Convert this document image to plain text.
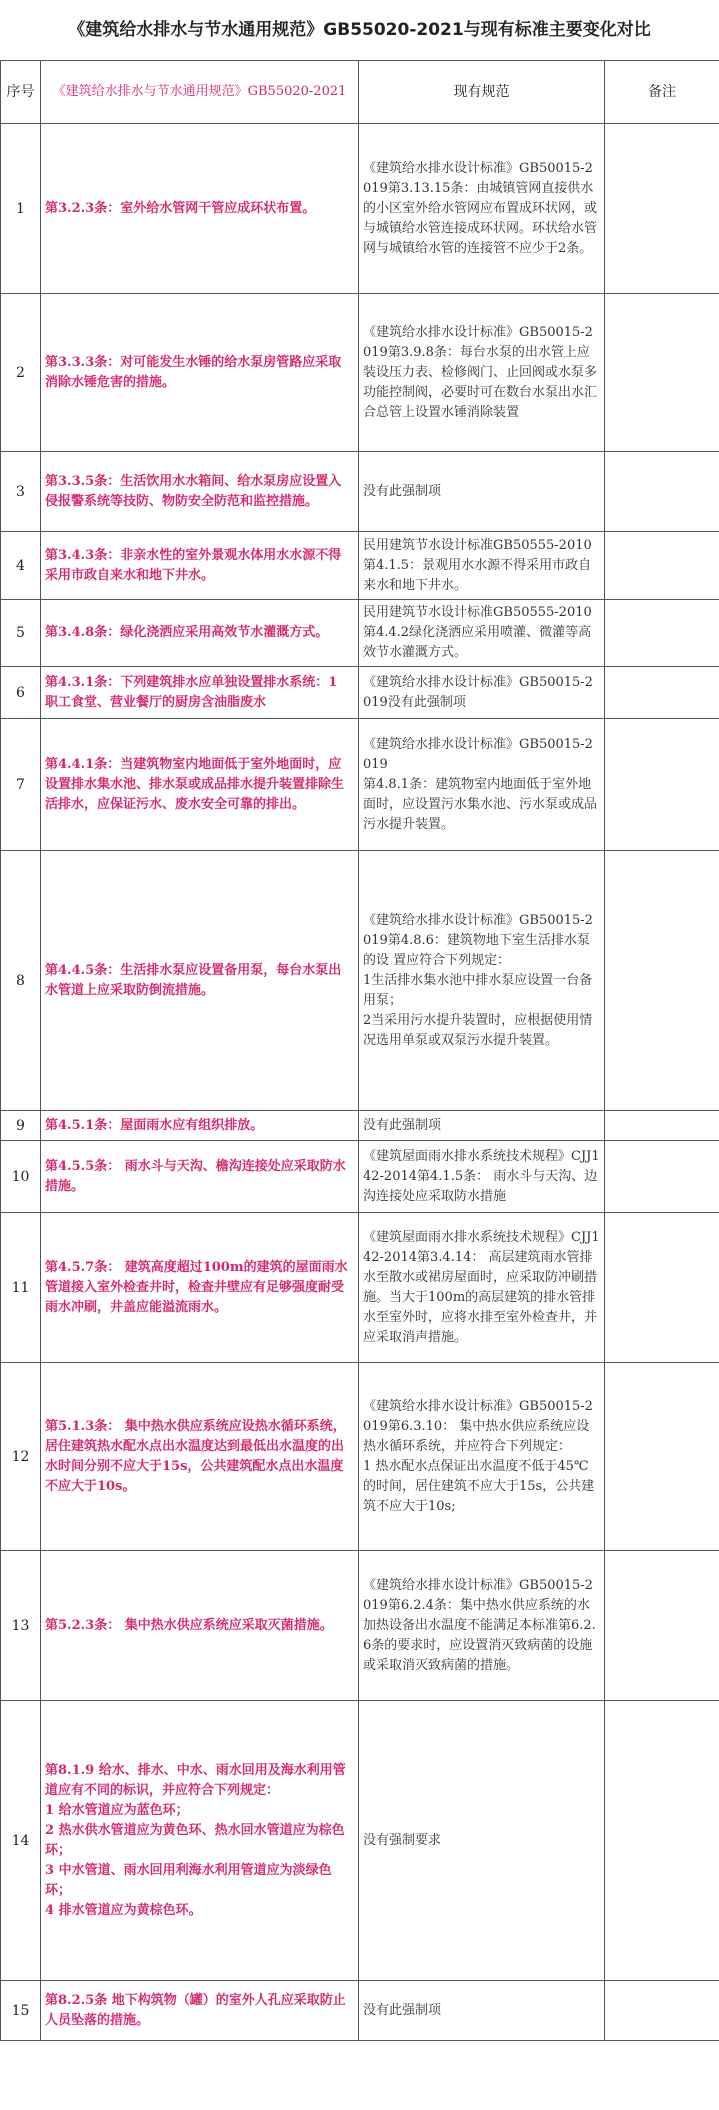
《建筑给水排水与节水通用规范》GB55020-2021与现有标准主要变化对比
序号	《建筑给水排水与节水通用规范》GB55020-2021	现有规范	备注
1	第3.2.3条：室外给水管网干管应成环状布置。	《建筑给水排水设计标准》GB50015-2019第3.13.15条：由城镇管网直接供水的小区室外给水管网应布置成环状网，或与城镇给水管连接成环状网。环状给水管网与城镇给水管的连接管不应少于2条。	
2	第3.3.3条：对可能发生水锤的给水泵房管路应采取消除水锤危害的措施。	《建筑给水排水设计标准》GB50015-2019第3.9.8条：每台水泵的出水管上应装设压力表、检修阀门、止回阀或水泵多功能控制阀，必要时可在数台水泵出水汇合总管上设置水锤消除装置	
3	第3.3.5条：生活饮用水水箱间、给水泵房应设置入侵报警系统等技防、物防安全防范和监控措施。	没有此强制项	
4	第3.4.3条：非亲水性的室外景观水体用水水源不得采用市政自来水和地下井水。	民用建筑节水设计标准GB50555-2010第4.1.5：景观用水水源不得采用市政自来水和地下井水。	
5	第3.4.8条：绿化浇洒应采用高效节水灌溉方式。	民用建筑节水设计标准GB50555-2010第4.4.2绿化浇洒应采用喷灌、微灌等高效节水灌溉方式。	
6	第4.3.1条：下列建筑排水应单独设置排水系统：1 职工食堂、营业餐厅的厨房含油脂废水	《建筑给水排水设计标准》GB50015-2019没有此强制项	
7	第4.4.1条：当建筑物室内地面低于室外地面时，应设置排水集水池、排水泵或成品排水提升装置排除生活排水，应保证污水、废水安全可靠的排出。	《建筑给水排水设计标准》GB50015-2019
第4.8.1条：建筑物室内地面低于室外地面时，应设置污水集水池、污水泵或成品污水提升装置。	
8	第4.4.5条：生活排水泵应设置备用泵，每台水泵出水管道上应采取防倒流措施。	《建筑给水排水设计标准》GB50015-2019第4.8.6：建筑物地下室生活排水泵的设 置应符合下列规定：
1生活排水集水池中排水泵应设置一台备用泵；
2当采用污水提升装置时，应根据使用情况选用单泵或双泵污水提升装置。	
9	第4.5.1条：屋面雨水应有组织排放。	没有此强制项	
10	第4.5.5条： 雨水斗与天沟、檐沟连接处应采取防水措施。	《建筑屋面雨水排水系统技术规程》CJJ142-2014第4.1.5条： 雨水斗与天沟、边沟连接处应采取防水措施	
11	第4.5.7条： 建筑高度超过100m的建筑的屋面雨水管道接入室外检查井时，检查井壁应有足够强度耐受雨水冲刷，井盖应能溢流雨水。	《建筑屋面雨水排水系统技术规程》CJJ142-2014第3.4.14： 高层建筑雨水管排水至散水或裙房屋面时，应采取防冲刷措施。当大于100m的高层建筑的排水管排水至室外时，应将水排至室外检查井，并应采取消声措施。	
12	第5.1.3条： 集中热水供应系统应设热水循环系统，居住建筑热水配水点出水温度达到最低出水温度的出水时间分别不应大于15s，公共建筑配水点出水温度不应大于10s。	《建筑给水排水设计标准》GB50015-2019第6.3.10： 集中热水供应系统应设热水循环系统，并应符合下列规定：
1 热水配水点保证出水温度不低于45℃的时间，居住建筑不应大于15s，公共建筑不应大于10s;	
13	第5.2.3条： 集中热水供应系统应采取灭菌措施。	《建筑给水排水设计标准》GB50015-2019第6.2.4条：集中热水供应系统的水加热设备出水温度不能满足本标准第6.2.6条的要求时，应设置消灭致病菌的设施或采取消灭致病菌的措施。	
14	第8.1.9 给水、排水、中水、雨水回用及海水利用管道应有不同的标识，并应符合下列规定：
1 给水管道应为蓝色环；
2 热水供水管道应为黄色环、热水回水管道应为棕色环；
3 中水管道、雨水回用利海水利用管道应为淡绿色环；
4 排水管道应为黄棕色环。	没有强制要求	
15	第8.2.5条 地下构筑物（罐）的室外人孔应采取防止人员坠落的措施。	没有此强制项	
